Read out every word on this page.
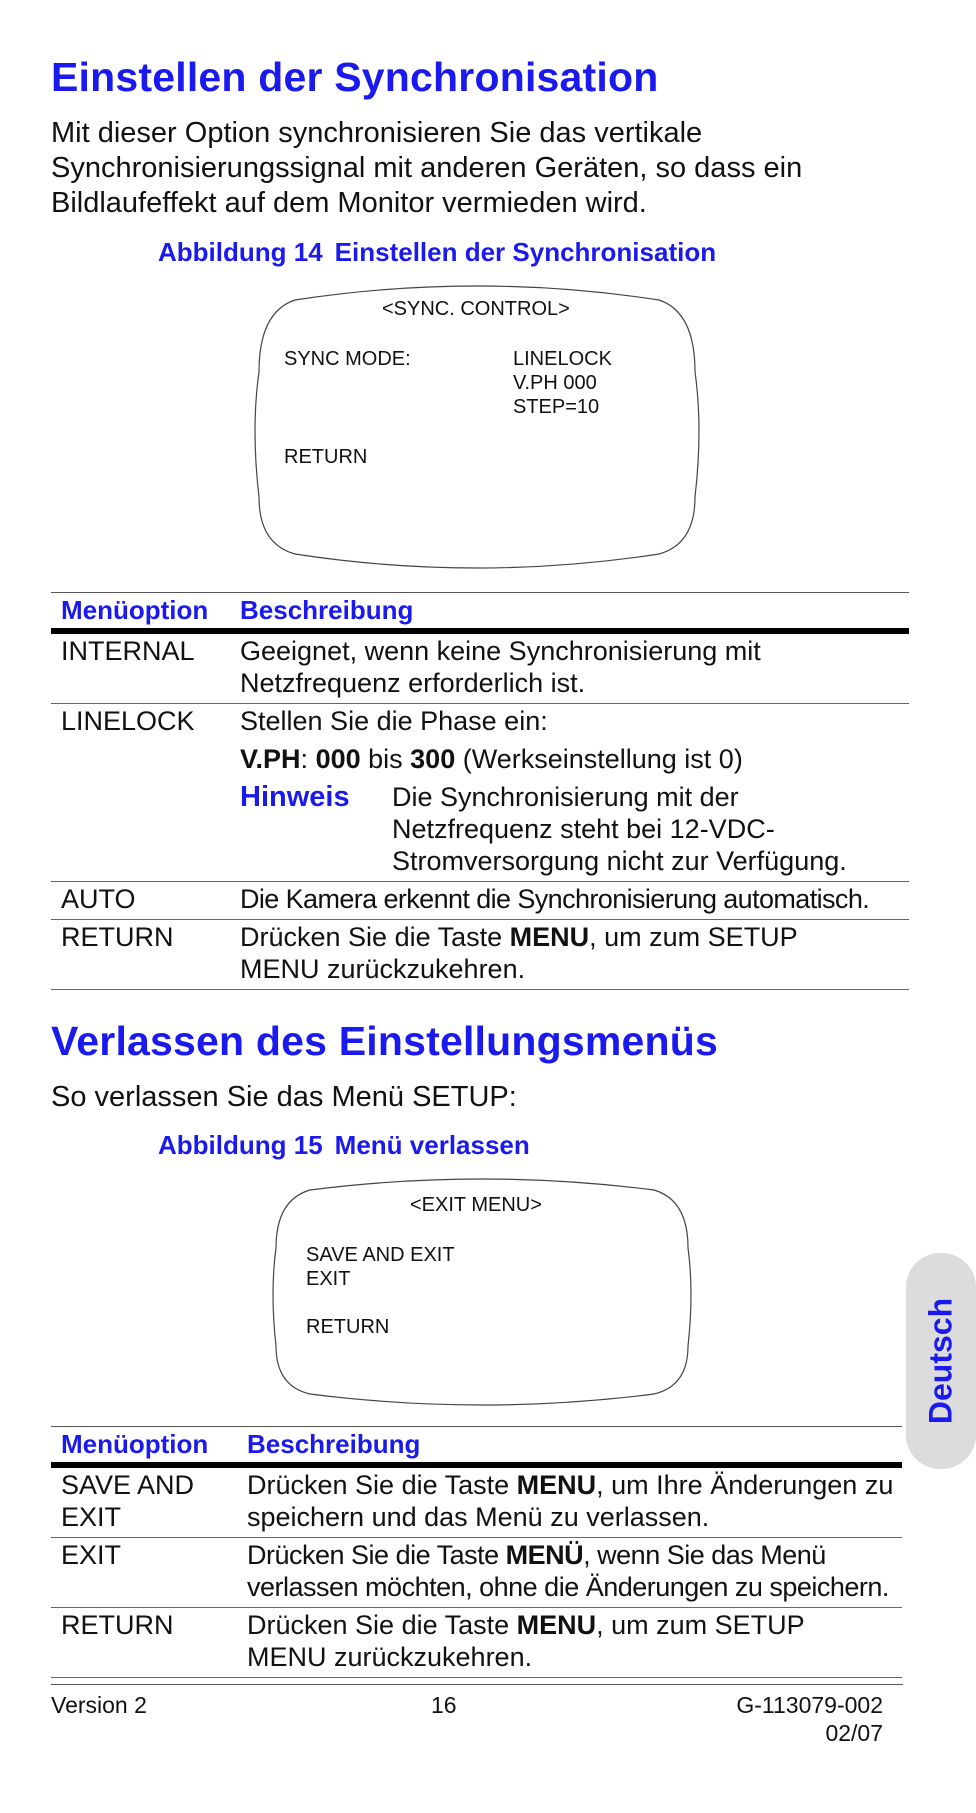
Einstellen der Synchronisation

Mit dieser Option synchronisieren Sie das vertikale
Synchronisierungssignal mit anderen Geräten, so dass ein
Bildlaufeffekt auf dem Monitor vermieden wird.

Abbildung 14 Einstellen der Synchronisation

<SYNC. CONTROL>
SYNC MODE:	LINELOCK
V.PH 000
STEP=10
RETURN
Menüoption	Beschreibung
INTERNAL	Geeignet, wenn keine Synchronisierung mit Netzfrequenz erforderlich ist.
LINELOCK	Stellen Sie die Phase ein:
V.PH: 000 bis 300 (Werkseinstellung ist 0)
Hinweis Die Synchronisierung mit der Netzfrequenz steht bei 12-VDC-Stromversorgung nicht zur Verfügung.

AUTO	Die Kamera erkennt die Synchronisierung automatisch.
RETURN	Drücken Sie die Taste MENU, um zum SETUP MENU zurückzukehren.
Verlassen des Einstellungsmenüs

So verlassen Sie das Menü SETUP:

Abbildung 15 Menü verlassen

<EXIT MENU>
SAVE AND EXIT
EXIT
RETURN
Menüoption	Beschreibung
SAVE AND
EXIT	Drücken Sie die Taste MENU, um Ihre Änderungen zu speichern und das Menü zu verlassen.
EXIT	Drücken Sie die Taste MENÜ, wenn Sie das Menü verlassen möchten, ohne die Änderungen zu speichern.
RETURN	Drücken Sie die Taste MENU, um zum SETUP MENU zurückzukehren.
Deutsch
Version 2	16	G-113079-002
02/07
